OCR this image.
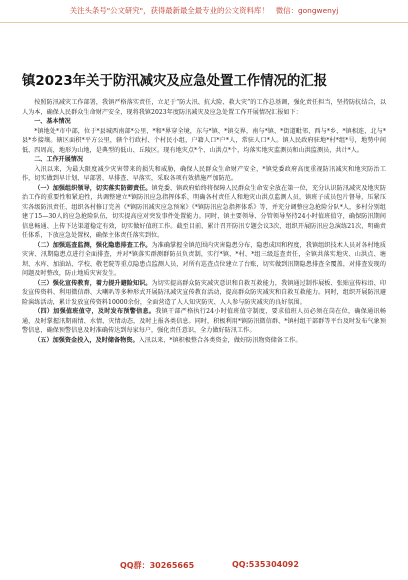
关注头条号"公文研究"，获得最新最全最专业的公文资料库！ 微信：gongwenyj
镇2023年关于防汛减灾及应急处置工作情况的汇报

按照防汛减灾工作部署，我镇严格落实责任，立足于“防大汛、抗大险、救大灾”的工作总基调，强化责任担当，坚持防抗结合，以人为本，确保人民群众生命财产安全，现将我镇2023年度防汛减灾及应急处置工作开展情况汇报如下：

一、基本情况

*镇地处*市中部，位于*县城西南部*公里，*和*界穿全境，东与*镇、*镇交界，南与*镇、*街道毗邻，西与*乡、*镇相连，北与*县*乡接壤。辖区面积*平方公里，辖个行政村、个村民小组，户籍人口*户*人，常驻人口*人。镇人民政府驻地*村*组*号，地势中间低、四周高，地形为山地，是典型的低山、丘陵区。现有地灾点*个、山洪点*个，均落实地灾监测员和山洪监测员，共计*人。

二、工作开展情况

入汛以来，为最大限度减少灾害带来的损失和威胁，确保人民群众生命财产安全，*镇党委政府高度重视防汛减灾和地灾防治工作，切实做到早计划、早部署、早排查、早落实，采取各项有效措施严加防范。

（一）加强组织领导，切实落实防御责任。镇党委、镇政府始终将保障人民群众生命安全放在第一位，充分认识防汛减灾及地灾防治工作的重要性和紧迫性，共调整建立*镇防汛应急指挥体系，明确各村责任人和地灾山洪点监测人员，镇班子成员包片督导，压紧压实各级防汛责任，组织各村修订完善《*镇防汛减灾应急预案》《*镇防汛应急指挥体系》等，并充分调整应急抢险分队*人，多村分别组建了15—30人的应急抢险队伍，切实提高应对突发事件处置能力。同时，镇主要领导、分管领导坚持24小时值班值守，确保防汛期间信息畅通、上传下达渠道稳定有效，切实做好值班工作。截至目前，累计召开防汛专题会议3次，组织开展防汛应急演练21次，明确责任体系，下放应急处置权，确保主体责任落实到位。

（二）加强巡查监测，强化隐患排查工作。为准确掌握全镇范围内灾害隐患分布，隐患成因和程度，我镇组织技术人员对各村地质灾害、汛期隐患点进行全面排查，并对*镇落实群测群防员负责制，实行*镇、*村、*组三级巡查责任，全镇共落实地灾、山洪点、塘坝、水库、加油站、学校、敬老院等重点隐患点监测人员，对所有巡查点位建立了台账，切实做到汛期隐患排查全覆盖，对排查发现的问题及时整改，防止地质灾害发生。

（三）强化宣传教育，着力提升避险知识。为切实提高群众防灾减灾意识和自救互救能力，我镇通过制作展板、张贴宣传标语、印发宣传资料、利用微信群、大喇叭等多种形式开展防汛减灾宣传教育活动，提高群众防灾减灾和自救互救能力。同时，组织开展防汛避险演练活动，累计发放宣传资料10000余份，全面营造了人人知灾防灾、人人参与防灾减灾的良好氛围。

（四）加强值班值守，及时发布预警信息。我镇干部严格执行24小时值班值守制度，要求值班人员必须在岗在位，确保通讯畅通，及时掌握汛期雨情、水情、灾情动态，及时上报各类信息。同时，积极利用*镇防汛微信群、*镇村组干部群等平台及时发布气象预警信息，确保预警信息及时准确传达到每家每户，强化责任意识，全力做好防汛工作。

（五）加强资金投入，及时储备物资。入汛以来，*镇积极整合各类资金，做好防汛物资储备工作。

QQ群：30265665	QQ:535304092
